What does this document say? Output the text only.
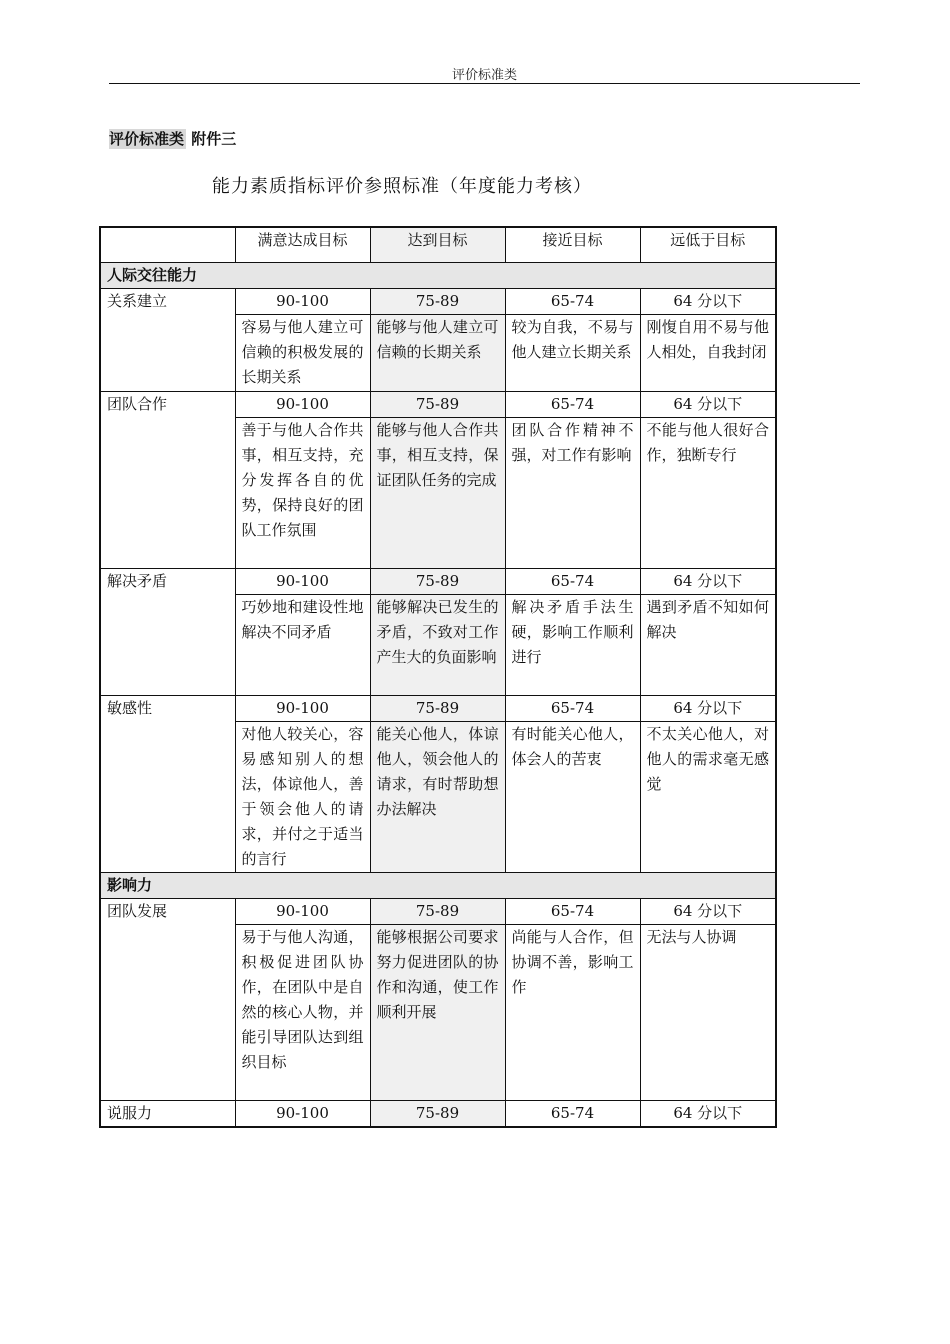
评价标准类
评价标准类 附件三
能力素质指标评价参照标准（年度能力考核）
	满意达成目标	达到目标	接近目标	远低于目标
人际交往能力				
关系建立	90-100	75-89	65-74	64 分以下
	容易与他人建立可信赖的积极发展的长期关系	能够与他人建立可信赖的长期关系	较为自我，不易与他人建立长期关系	刚愎自用不易与他人相处，自我封闭
团队合作	90-100	75-89	65-74	64 分以下
	善于与他人合作共事，相互支持，充分发挥各自的优势，保持良好的团队工作氛围	能够与他人合作共事，相互支持，保证团队任务的完成	团队合作精神不强，对工作有影响	不能与他人很好合作，独断专行
解决矛盾	90-100	75-89	65-74	64 分以下
	巧妙地和建设性地解决不同矛盾	能够解决已发生的矛盾，不致对工作产生大的负面影响	解决矛盾手法生硬，影响工作顺利进行	遇到矛盾不知如何解决
敏感性	90-100	75-89	65-74	64 分以下
	对他人较关心，容易感知别人的想法，体谅他人，善于领会他人的请求，并付之于适当的言行	能关心他人，体谅他人，领会他人的请求，有时帮助想办法解决	有时能关心他人，体会人的苦衷	不太关心他人，对他人的需求毫无感觉
影响力				
团队发展	90-100	75-89	65-74	64 分以下
	易于与他人沟通，积极促进团队协作，在团队中是自然的核心人物，并能引导团队达到组织目标	能够根据公司要求努力促进团队的协作和沟通，使工作顺利开展	尚能与人合作，但协调不善，影响工作	无法与人协调
说服力	90-100	75-89	65-74	64 分以下
